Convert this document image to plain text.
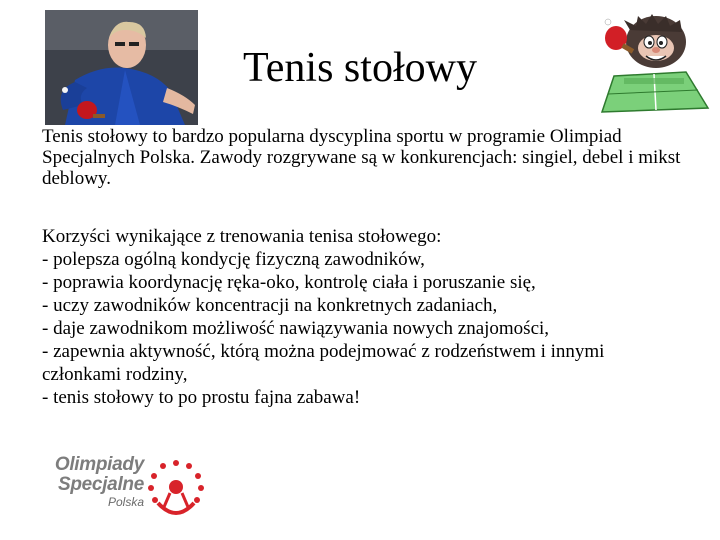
Tenis stołowy
Tenis stołowy to bardzo popularna dyscyplina sportu w programie Olimpiad Specjalnych Polska. Zawody rozgrywane są w konkurencjach: singiel, debel i mikst deblowy.
Korzyści wynikające z trenowania tenisa stołowego:
- polepsza ogólną kondycję fizyczną zawodników,
- poprawia koordynację ręka-oko, kontrolę ciała i poruszanie się,
- uczy zawodników koncentracji na konkretnych zadaniach,
- daje zawodnikom możliwość nawiązywania nowych znajomości,
- zapewnia aktywność, którą można podejmować z rodzeństwem i innymi członkami rodziny,
- tenis stołowy to po prostu fajna zabawa!
Olimpiady
Specjalne
Polska
